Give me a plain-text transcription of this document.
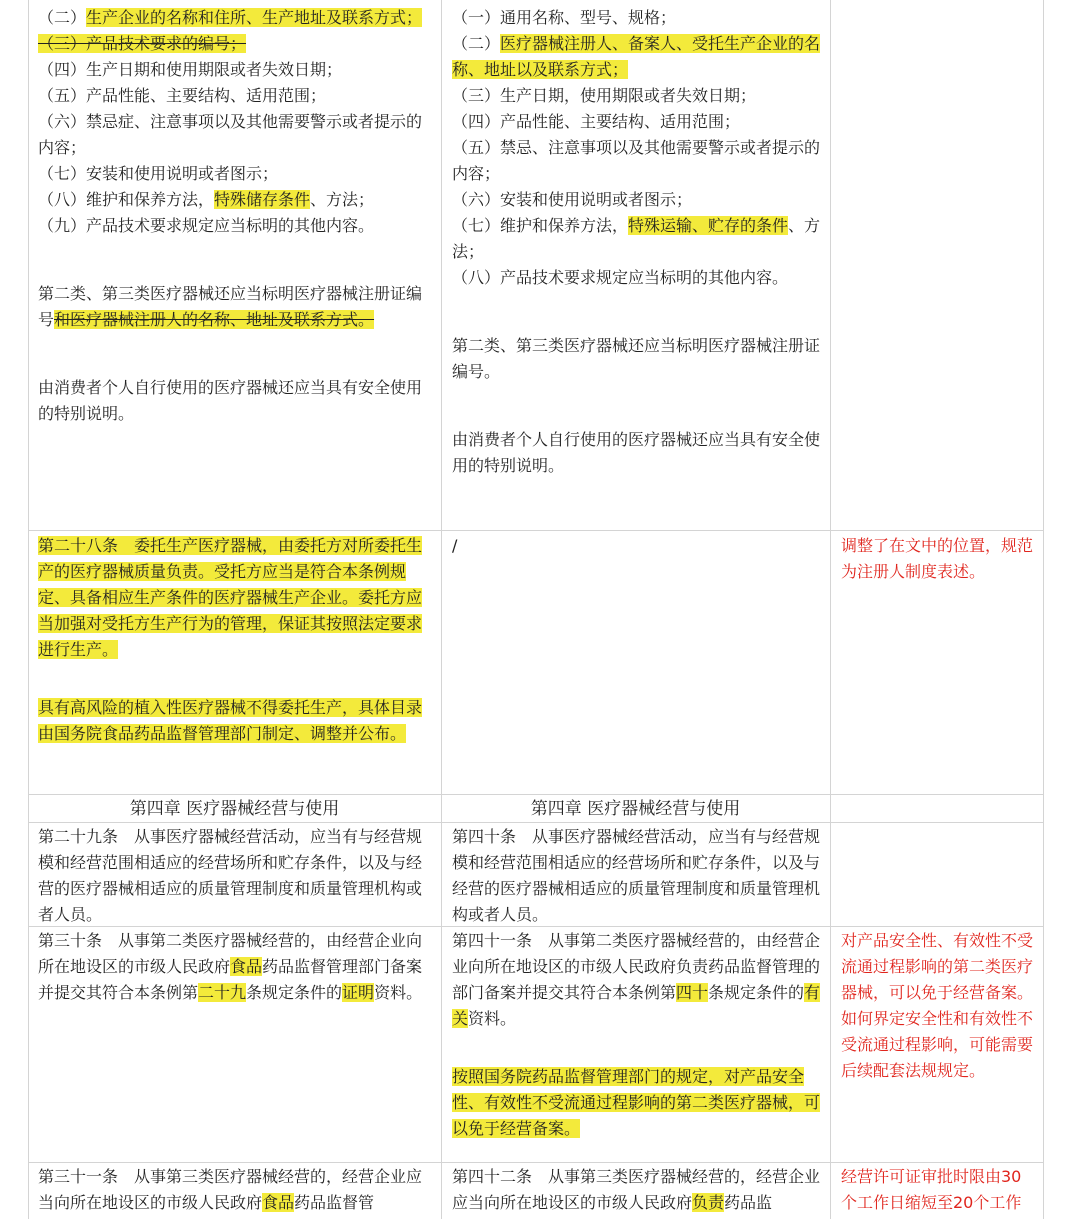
（二）生产企业的名称和住所、生产地址及联系方式；

（三）产品技术要求的编号；

（四）生产日期和使用期限或者失效日期；

（五）产品性能、主要结构、适用范围；

（六）禁忌症、注意事项以及其他需要警示或者提示的内容；

（七）安装和使用说明或者图示；

（八）维护和保养方法，特殊储存条件、方法；

（九）产品技术要求规定应当标明的其他内容。

第二类、第三类医疗器械还应当标明医疗器械注册证编号和医疗器械注册人的名称、地址及联系方式。

由消费者个人自行使用的医疗器械还应当具有安全使用的特别说明。

（一）通用名称、型号、规格；

（二）医疗器械注册人、备案人、受托生产企业的名称、地址以及联系方式；

（三）生产日期，使用期限或者失效日期；

（四）产品性能、主要结构、适用范围；

（五）禁忌、注意事项以及其他需要警示或者提示的内容；

（六）安装和使用说明或者图示；

（七）维护和保养方法，特殊运输、贮存的条件、方法；

（八）产品技术要求规定应当标明的其他内容。

第二类、第三类医疗器械还应当标明医疗器械注册证编号。

由消费者个人自行使用的医疗器械还应当具有安全使用的特别说明。

第二十八条　委托生产医疗器械，由委托方对所委托生产的医疗器械质量负责。受托方应当是符合本条例规定、具备相应生产条件的医疗器械生产企业。委托方应当加强对受托方生产行为的管理，保证其按照法定要求进行生产。

具有高风险的植入性医疗器械不得委托生产，具体目录由国务院食品药品监督管理部门制定、调整并公布。

/	调整了在文中的位置，规范为注册人制度表述。
第四章 医疗器械经营与使用	第四章 医疗器械经营与使用
第二十九条　从事医疗器械经营活动，应当有与经营规模和经营范围相适应的经营场所和贮存条件，以及与经营的医疗器械相适应的质量管理制度和质量管理机构或者人员。
第四十条　从事医疗器械经营活动，应当有与经营规模和经营范围相适应的经营场所和贮存条件，以及与经营的医疗器械相适应的质量管理制度和质量管理机构或者人员。

第三十条　从事第二类医疗器械经营的，由经营企业向所在地设区的市级人民政府食品药品监督管理部门备案并提交其符合本条例第二十九条规定条件的证明资料。

第四十一条　从事第二类医疗器械经营的，由经营企业向所在地设区的市级人民政府负责药品监督管理的部门备案并提交其符合本条例第四十条规定条件的有关资料。

按照国务院药品监督管理部门的规定，对产品安全性、有效性不受流通过程影响的第二类医疗器械，可以免于经营备案。

对产品安全性、有效性不受流通过程影响的第二类医疗器械，可以免于经营备案。如何界定安全性和有效性不受流通过程影响，可能需要后续配套法规规定。

第三十一条　从事第三类医疗器械经营的，经营企业应当向所在地设区的市级人民政府食品药品监督管

第四十二条　从事第三类医疗器械经营的，经营企业应当向所在地设区的市级人民政府负责药品监

经营许可证审批时限由30个工作日缩短至20个工作
